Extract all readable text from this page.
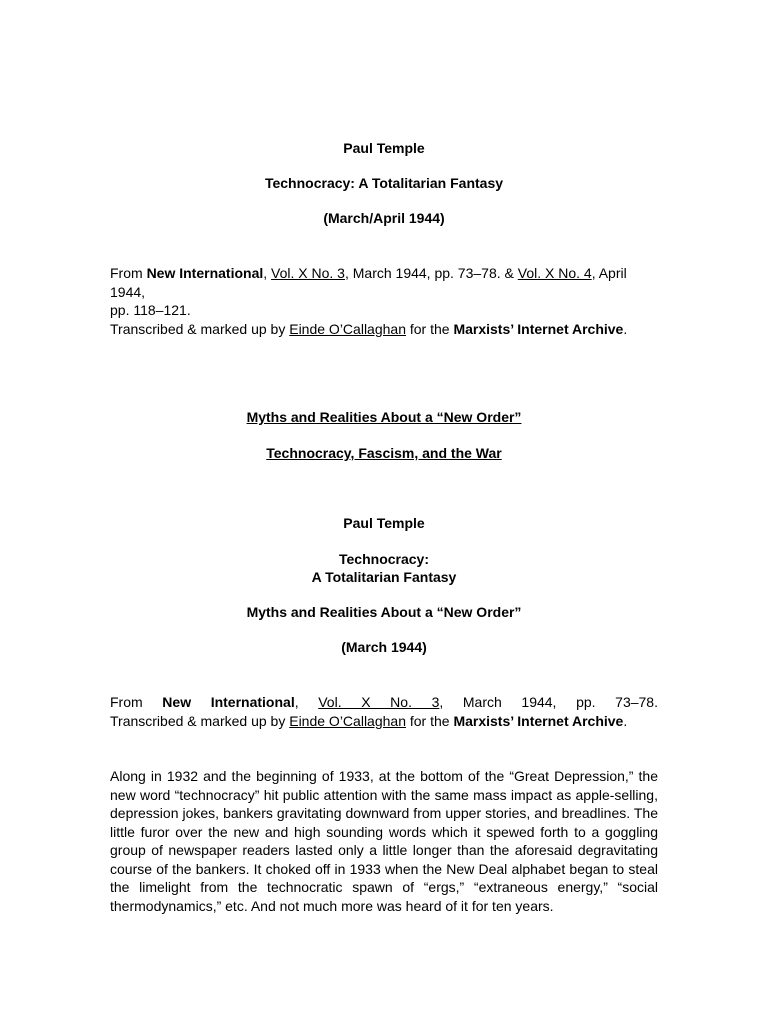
Paul Temple
Technocracy: A Totalitarian Fantasy
(March/April 1944)
From New International, Vol. X No. 3, March 1944, pp. 73–78. & Vol. X No. 4, April 1944,
pp. 118–121.
Transcribed & marked up by Einde O’Callaghan for the Marxists’ Internet Archive.
Myths and Realities About a “New Order”
Technocracy, Fascism, and the War
Paul Temple
Technocracy:
A Totalitarian Fantasy
Myths and Realities About a “New Order”
(March 1944)
From New International, Vol. X No. 3, March 1944, pp. 73–78.
Transcribed & marked up by Einde O’Callaghan for the Marxists’ Internet Archive.
Along in 1932 and the beginning of 1933, at the bottom of the “Great Depression,” the new word “technocracy” hit public attention with the same mass impact as apple-selling, depression jokes, bankers gravitating downward from upper stories, and breadlines. The little furor over the new and high sounding words which it spewed forth to a goggling group of newspaper readers lasted only a little longer than the aforesaid degravitating course of the bankers. It choked off in 1933 when the New Deal alphabet began to steal the limelight from the technocratic spawn of “ergs,” “extraneous energy,” “social thermodynamics,” etc. And not much more was heard of it for ten years.
